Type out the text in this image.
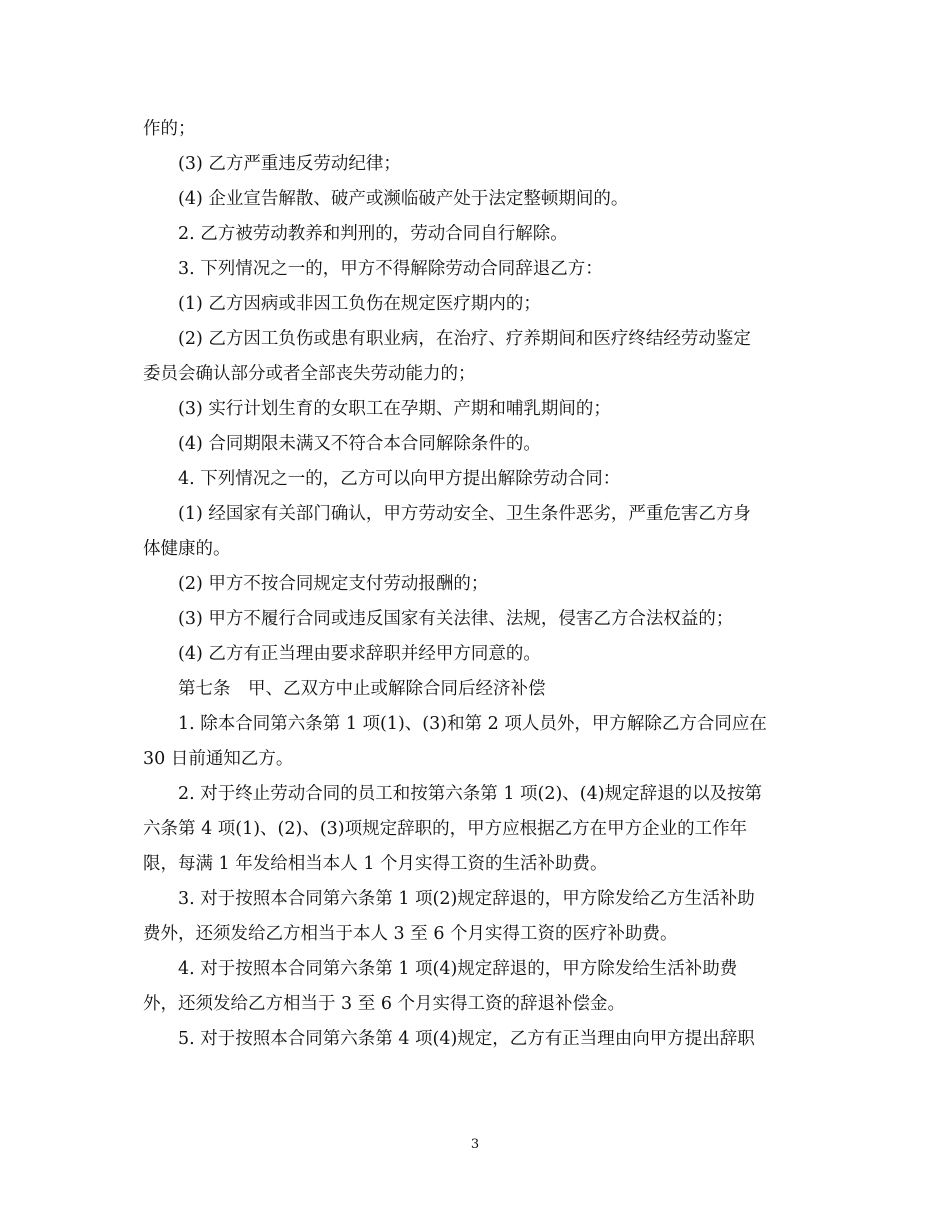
作的；
(3) 乙方严重违反劳动纪律；
(4) 企业宣告解散、破产或濒临破产处于法定整顿期间的。
2. 乙方被劳动教养和判刑的，劳动合同自行解除。
3. 下列情况之一的，甲方不得解除劳动合同辞退乙方：
(1) 乙方因病或非因工负伤在规定医疗期内的；
(2) 乙方因工负伤或患有职业病，在治疗、疗养期间和医疗终结经劳动鉴定
委员会确认部分或者全部丧失劳动能力的；
(3) 实行计划生育的女职工在孕期、产期和哺乳期间的；
(4) 合同期限未满又不符合本合同解除条件的。
4. 下列情况之一的，乙方可以向甲方提出解除劳动合同：
(1) 经国家有关部门确认，甲方劳动安全、卫生条件恶劣，严重危害乙方身
体健康的。
(2) 甲方不按合同规定支付劳动报酬的；
(3) 甲方不履行合同或违反国家有关法律、法规，侵害乙方合法权益的；
(4) 乙方有正当理由要求辞职并经甲方同意的。
第七条　甲、乙双方中止或解除合同后经济补偿
1. 除本合同第六条第 1 项(1)、(3)和第 2 项人员外，甲方解除乙方合同应在
30 日前通知乙方。
2. 对于终止劳动合同的员工和按第六条第 1 项(2)、(4)规定辞退的以及按第
六条第 4 项(1)、(2)、(3)项规定辞职的，甲方应根据乙方在甲方企业的工作年
限，每满 1 年发给相当本人 1 个月实得工资的生活补助费。
3. 对于按照本合同第六条第 1 项(2)规定辞退的，甲方除发给乙方生活补助
费外，还须发给乙方相当于本人 3 至 6 个月实得工资的医疗补助费。
4. 对于按照本合同第六条第 1 项(4)规定辞退的，甲方除发给生活补助费
外，还须发给乙方相当于 3 至 6 个月实得工资的辞退补偿金。
5. 对于按照本合同第六条第 4 项(4)规定，乙方有正当理由向甲方提出辞职
3
